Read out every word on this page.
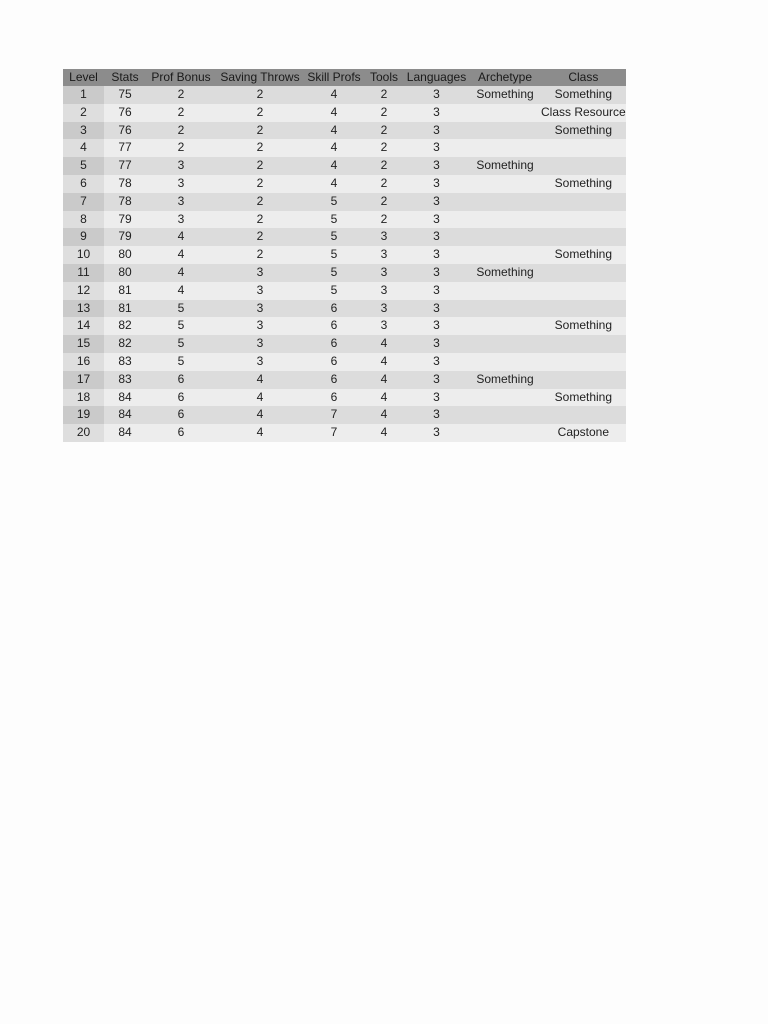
Level	Stats	Prof Bonus	Saving Throws	Skill Profs	Tools	Languages	Archetype	Class
1	75	2	2	4	2	3	Something	Something
2	76	2	2	4	2	3		Class Resource
3	76	2	2	4	2	3		Something
4	77	2	2	4	2	3		
5	77	3	2	4	2	3	Something	
6	78	3	2	4	2	3		Something
7	78	3	2	5	2	3		
8	79	3	2	5	2	3		
9	79	4	2	5	3	3		
10	80	4	2	5	3	3		Something
11	80	4	3	5	3	3	Something	
12	81	4	3	5	3	3		
13	81	5	3	6	3	3		
14	82	5	3	6	3	3		Something
15	82	5	3	6	4	3		
16	83	5	3	6	4	3		
17	83	6	4	6	4	3	Something	
18	84	6	4	6	4	3		Something
19	84	6	4	7	4	3		
20	84	6	4	7	4	3		Capstone
